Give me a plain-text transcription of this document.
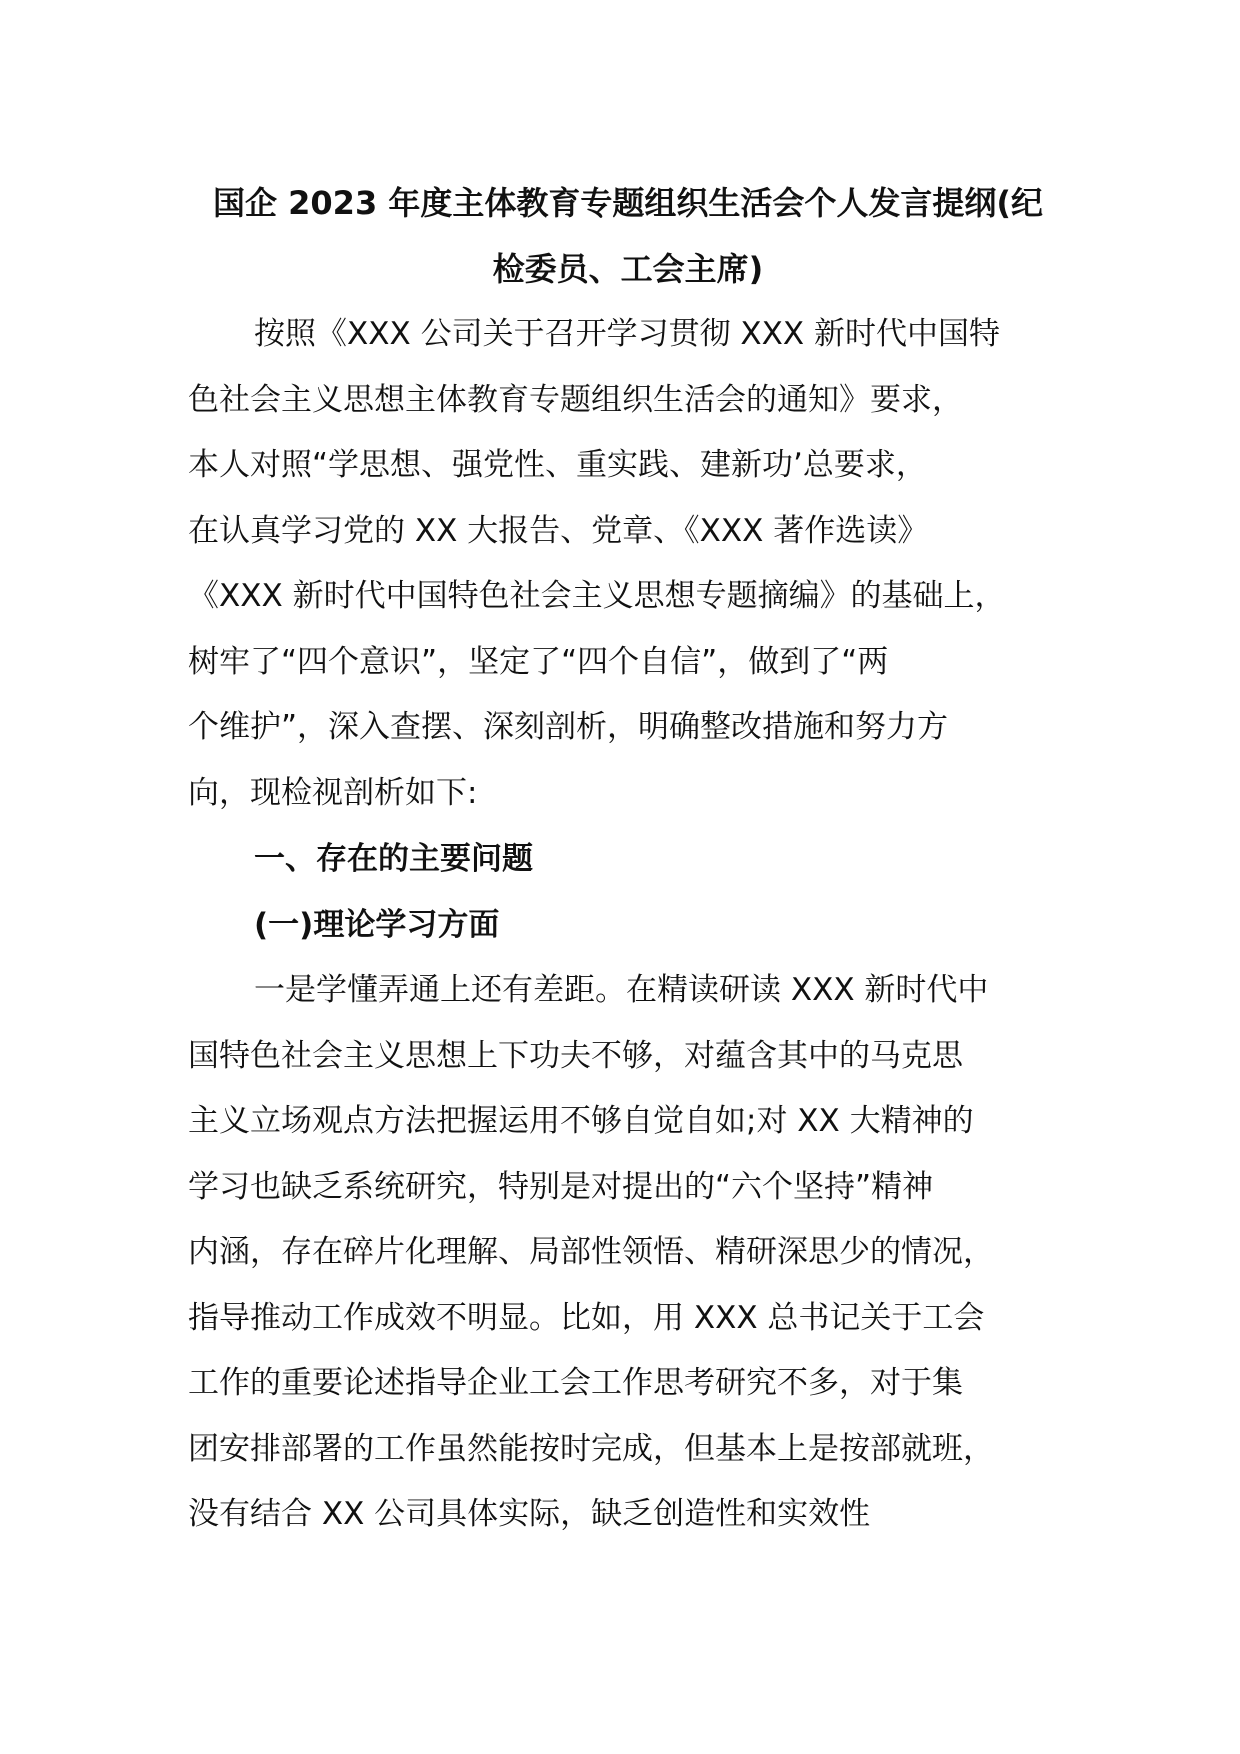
国企 2023 年度主体教育专题组织生活会个人发言提纲(纪
检委员、工会主席)

按照《XXX 公司关于召开学习贯彻 XXX 新时代中国特
色社会主义思想主体教育专题组织生活会的通知》要求，
本人对照“学思想、强党性、重实践、建新功’总要求，
在认真学习党的 XX 大报告、党章、《XXX 著作选读》
《XXX 新时代中国特色社会主义思想专题摘编》的基础上，
树牢了“四个意识”，坚定了“四个自信”，做到了“两
个维护”，深入查摆、深刻剖析，明确整改措施和努力方
向，现检视剖析如下:

一、存在的主要问题
(一)理论学习方面

一是学懂弄通上还有差距。在精读研读 XXX 新时代中
国特色社会主义思想上下功夫不够，对蕴含其中的马克思
主义立场观点方法把握运用不够自觉自如;对 XX 大精神的
学习也缺乏系统研究，特别是对提出的“六个坚持”精神
内涵，存在碎片化理解、局部性领悟、精研深思少的情况，
指导推动工作成效不明显。比如，用 XXX 总书记关于工会
工作的重要论述指导企业工会工作思考研究不多，对于集
团安排部署的工作虽然能按时完成，但基本上是按部就班，
没有结合 XX 公司具体实际，缺乏创造性和实效性
